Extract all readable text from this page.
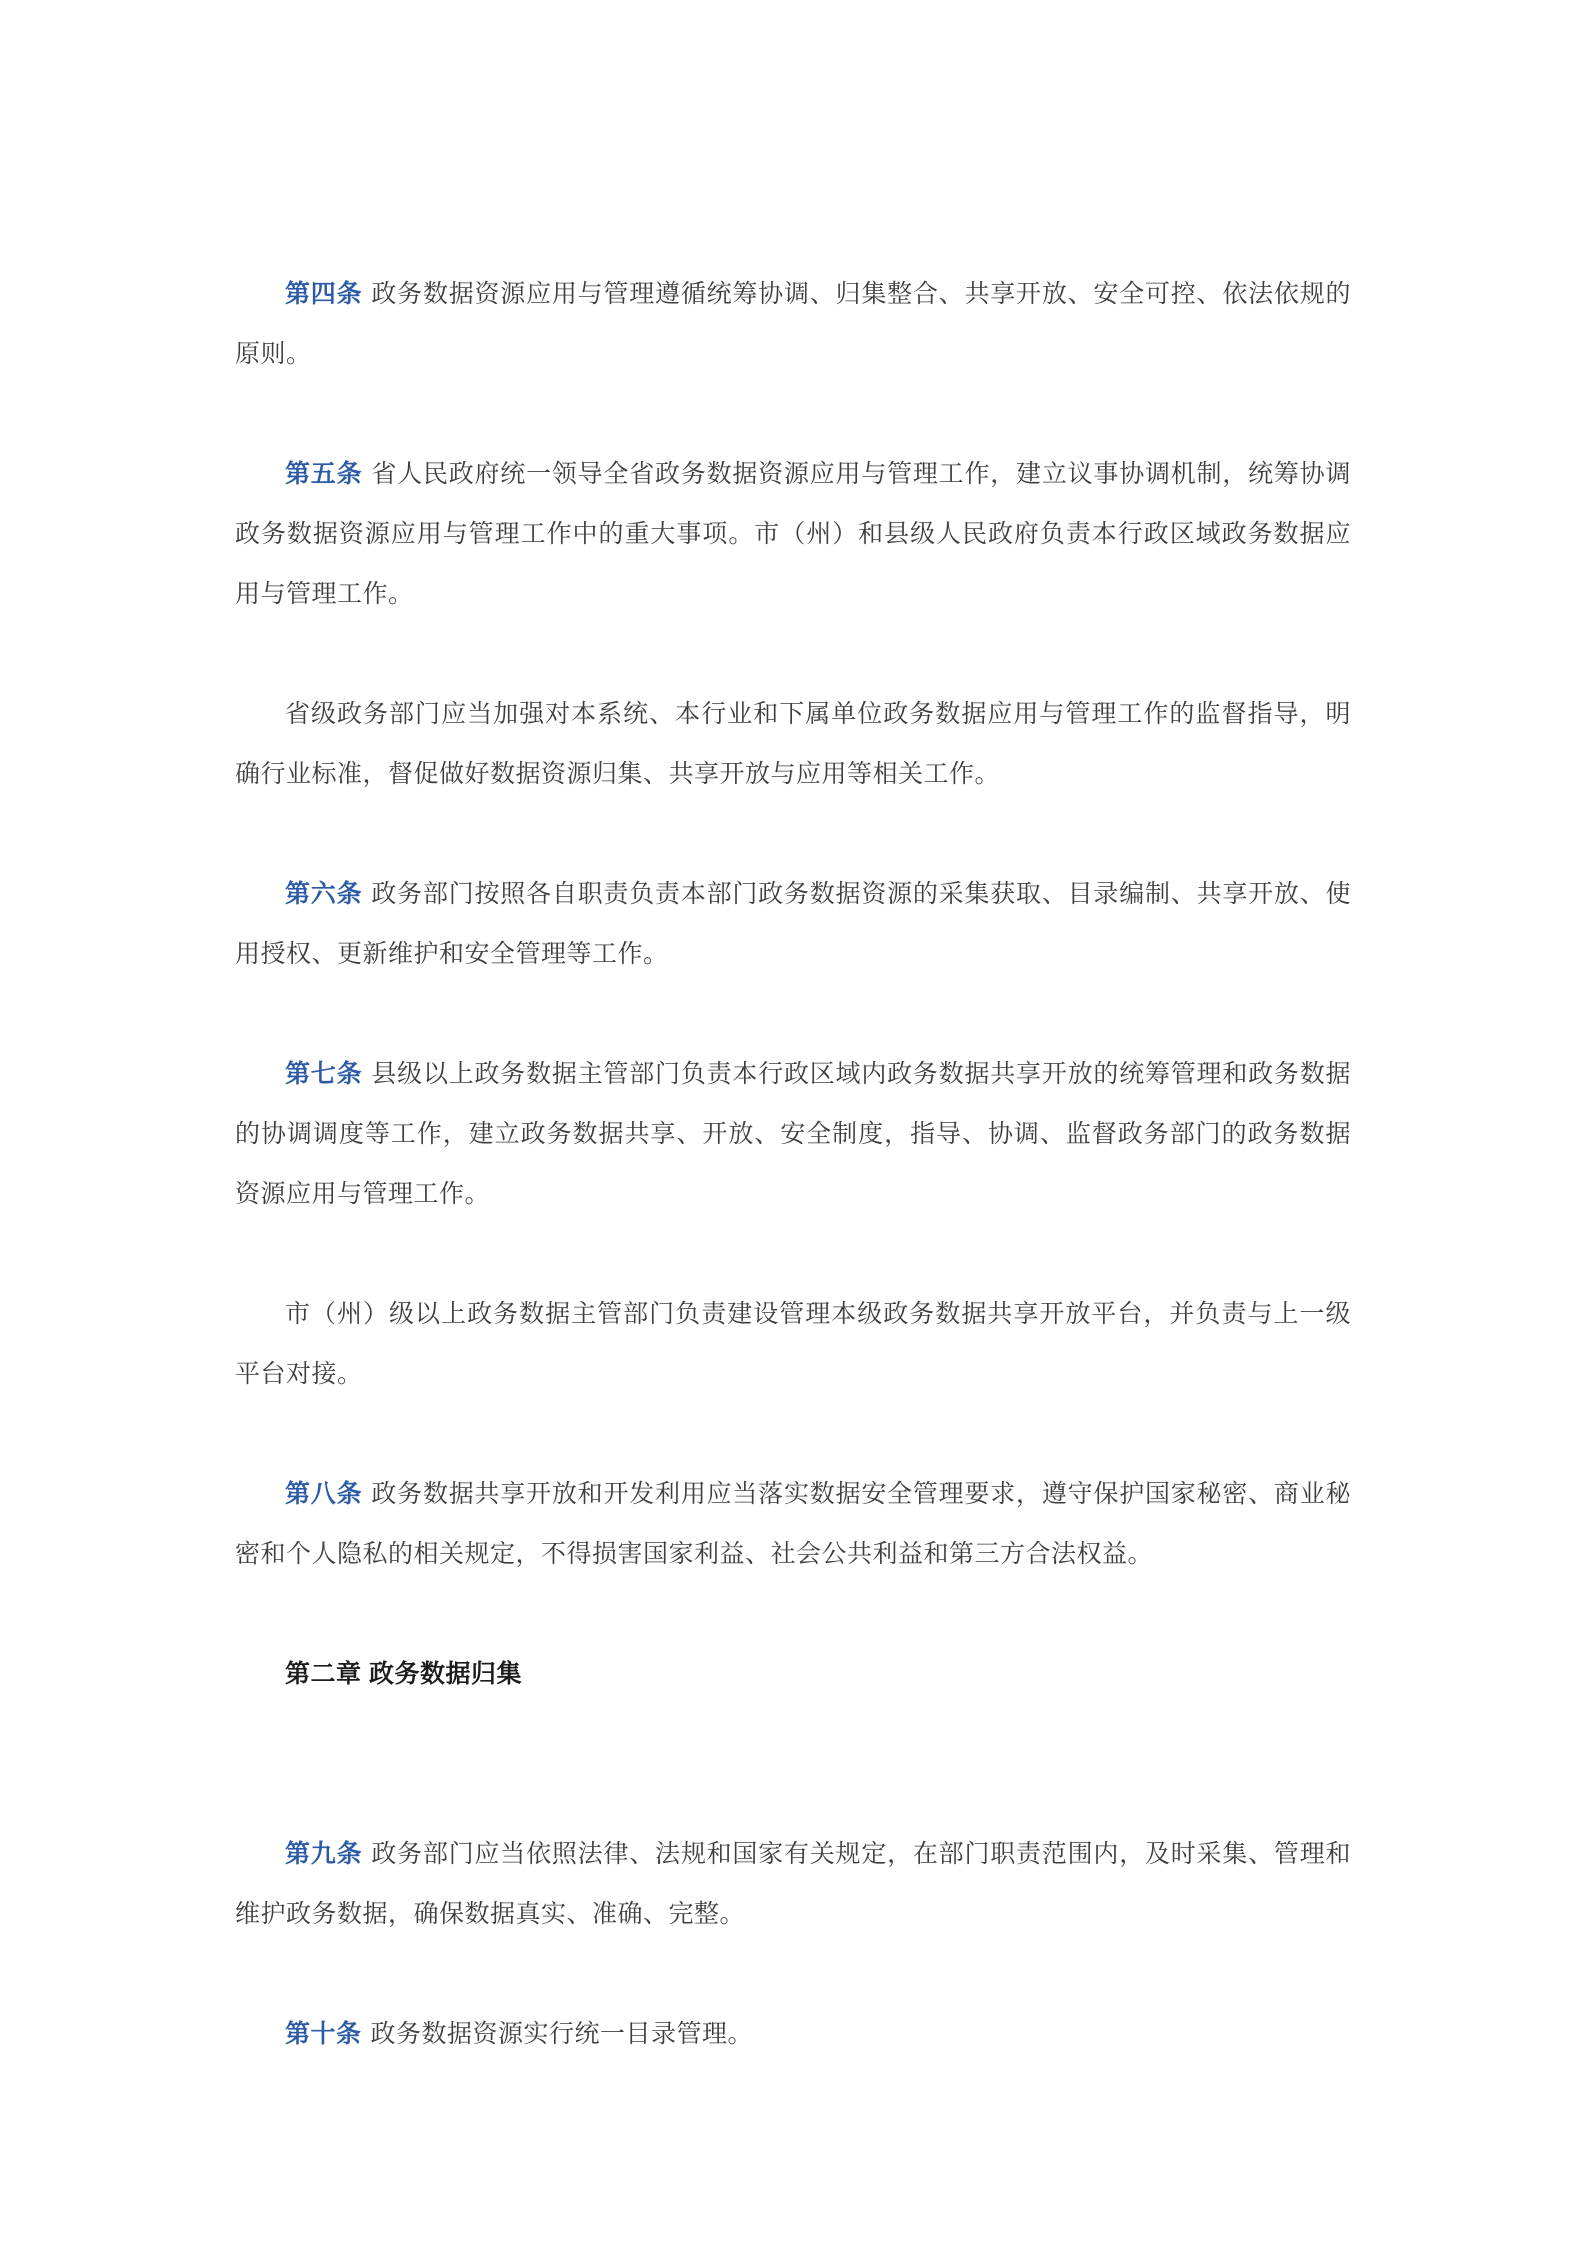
第四条 政务数据资源应用与管理遵循统筹协调、归集整合、共享开放、安全可控、依法依规的原则。

第五条 省人民政府统一领导全省政务数据资源应用与管理工作，建立议事协调机制，统筹协调政务数据资源应用与管理工作中的重大事项。市（州）和县级人民政府负责本行政区域政务数据应用与管理工作。

省级政务部门应当加强对本系统、本行业和下属单位政务数据应用与管理工作的监督指导，明确行业标准，督促做好数据资源归集、共享开放与应用等相关工作。

第六条 政务部门按照各自职责负责本部门政务数据资源的采集获取、目录编制、共享开放、使用授权、更新维护和安全管理等工作。

第七条 县级以上政务数据主管部门负责本行政区域内政务数据共享开放的统筹管理和政务数据的协调调度等工作，建立政务数据共享、开放、安全制度，指导、协调、监督政务部门的政务数据资源应用与管理工作。

市（州）级以上政务数据主管部门负责建设管理本级政务数据共享开放平台，并负责与上一级平台对接。

第八条 政务数据共享开放和开发利用应当落实数据安全管理要求，遵守保护国家秘密、商业秘密和个人隐私的相关规定，不得损害国家利益、社会公共利益和第三方合法权益。

第二章 政务数据归集

第九条 政务部门应当依照法律、法规和国家有关规定，在部门职责范围内，及时采集、管理和维护政务数据，确保数据真实、准确、完整。

第十条 政务数据资源实行统一目录管理。
